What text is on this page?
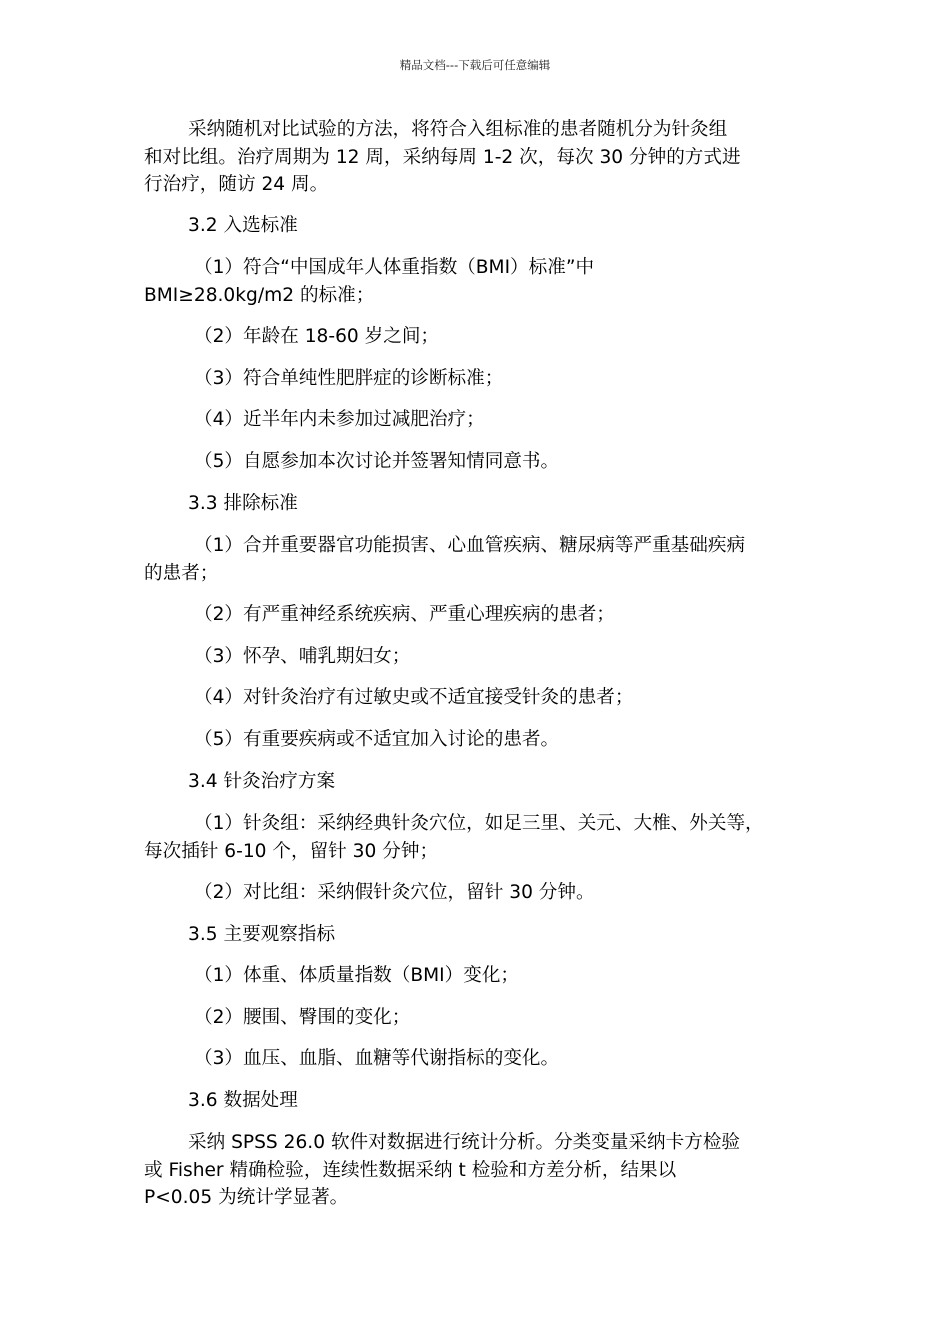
精品文档---下载后可任意编辑
采纳随机对比试验的方法，将符合入组标准的患者随机分为针灸组
和对比组。治疗周期为 12 周，采纳每周 1-2 次，每次 30 分钟的方式进
行治疗，随访 24 周。
3.2 入选标准
（1）符合“中国成年人体重指数（BMI）标准”中
BMI≥28.0kg/m2 的标准；
（2）年龄在 18-60 岁之间；
（3）符合单纯性肥胖症的诊断标准；
（4）近半年内未参加过减肥治疗；
（5）自愿参加本次讨论并签署知情同意书。
3.3 排除标准
（1）合并重要器官功能损害、心血管疾病、糖尿病等严重基础疾病
的患者；
（2）有严重神经系统疾病、严重心理疾病的患者；
（3）怀孕、哺乳期妇女；
（4）对针灸治疗有过敏史或不适宜接受针灸的患者；
（5）有重要疾病或不适宜加入讨论的患者。
3.4 针灸治疗方案
（1）针灸组：采纳经典针灸穴位，如足三里、关元、大椎、外关等，
每次插针 6-10 个，留针 30 分钟；
（2）对比组：采纳假针灸穴位，留针 30 分钟。
3.5 主要观察指标
（1）体重、体质量指数（BMI）变化；
（2）腰围、臀围的变化；
（3）血压、血脂、血糖等代谢指标的变化。
3.6 数据处理
采纳 SPSS 26.0 软件对数据进行统计分析。分类变量采纳卡方检验
或 Fisher 精确检验，连续性数据采纳 t 检验和方差分析，结果以
P<0.05 为统计学显著。
